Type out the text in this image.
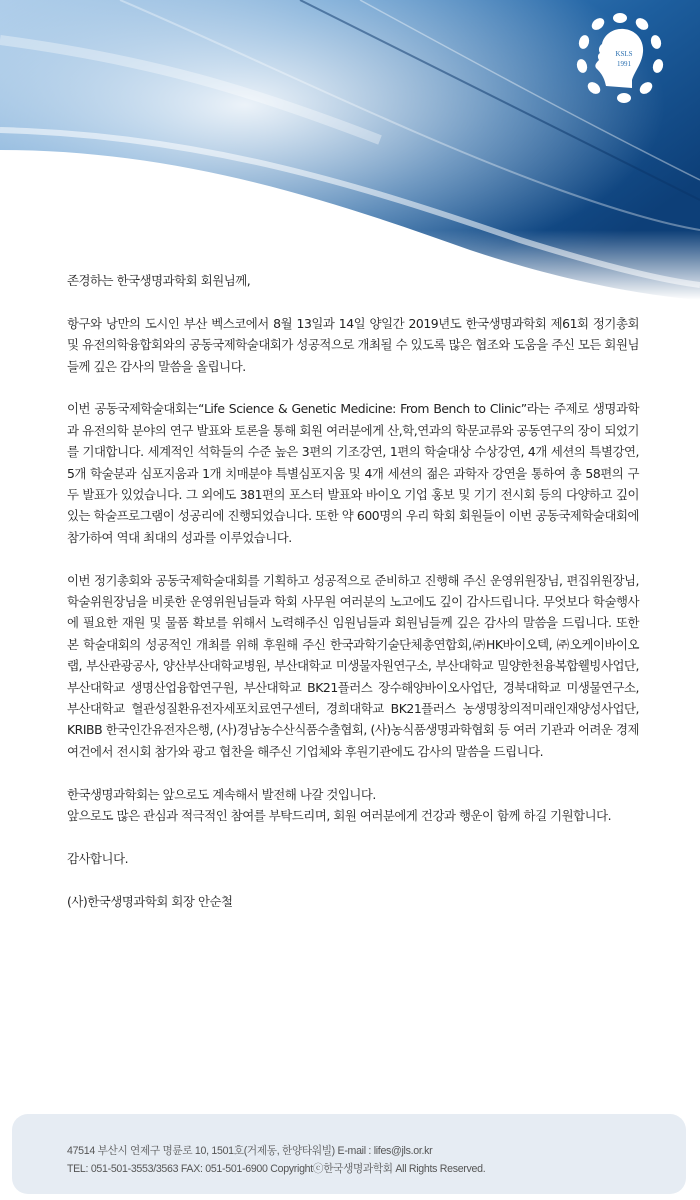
KSLS
1991

존경하는 한국생명과학회 회원님께,

항구와 낭만의 도시인 부산 벡스코에서 8월 13일과 14일 양일간 2019년도 한국생명과학회 제61회 정기총회 및 유전의학융합회와의 공동국제학술대회가 성공적으로 개최될 수 있도록 많은 협조와 도움을 주신 모든 회원님들께 깊은 감사의 말씀을 올립니다.

이번 공동국제학술대회는“Life Science & Genetic Medicine: From Bench to Clinic”라는 주제로 생명과학과 유전의학 분야의 연구 발표와 토론을 통해 회원 여러분에게 산,학,연과의 학문교류와 공동연구의 장이 되었기를 기대합니다. 세계적인 석학들의 수준 높은 3편의 기조강연, 1편의 학술대상 수상강연, 4개 세션의 특별강연, 5개 학술분과 심포지움과 1개 치매분야 특별심포지움 및 4개 세션의 젊은 과학자 강연을 통하여 총 58편의 구두 발표가 있었습니다. 그 외에도 381편의 포스터 발표와 바이오 기업 홍보 및 기기 전시회 등의 다양하고 깊이 있는 학술프로그램이 성공리에 진행되었습니다. 또한 약 600명의 우리 학회 회원들이 이번 공동국제학술대회에 참가하여 역대 최대의 성과를 이루었습니다.

이번 정기총회와 공동국제학술대회를 기획하고 성공적으로 준비하고 진행해 주신 운영위원장님, 편집위원장님, 학술위원장님을 비롯한 운영위원님들과 학회 사무원 여러분의 노고에도 깊이 감사드립니다. 무엇보다 학술행사에 필요한 재원 및 물품 확보를 위해서 노력해주신 임원님들과 회원님들께 깊은 감사의 말씀을 드립니다. 또한 본 학술대회의 성공적인 개최를 위해 후원해 주신 한국과학기술단체총연합회,㈜HK바이오텍, ㈜오케이바이오랩, 부산관광공사, 양산부산대학교병원, 부산대학교 미생물자원연구소, 부산대학교 밀양한천융복합웰빙사업단, 부산대학교 생명산업융합연구원, 부산대학교 BK21플러스 장수해양바이오사업단, 경북대학교 미생물연구소, 부산대학교 혈관성질환유전자세포치료연구센터, 경희대학교 BK21플러스 농생명창의적미래인재양성사업단, KRIBB 한국인간유전자은행, (사)경남농수산식품수출협회, (사)농식품생명과학협회 등 여러 기관과 어려운 경제 여건에서 전시회 참가와 광고 협찬을 해주신 기업체와 후원기관에도 감사의 말씀을 드립니다.

한국생명과학회는 앞으로도 계속해서 발전해 나갈 것입니다.
앞으로도 많은 관심과 적극적인 참여를 부탁드리며, 회원 여러분에게 건강과 행운이 함께 하길 기원합니다.

감사합니다.

(사)한국생명과학회 회장 안순철

47514 부산시 연제구 명륜로 10, 1501호(거제동, 한양타워빌) E-mail : lifes@jls.or.kr
TEL: 051-501-3553/3563 FAX: 051-501-6900 Copyrightⓒ한국생명과학회 All Rights Reserved.
